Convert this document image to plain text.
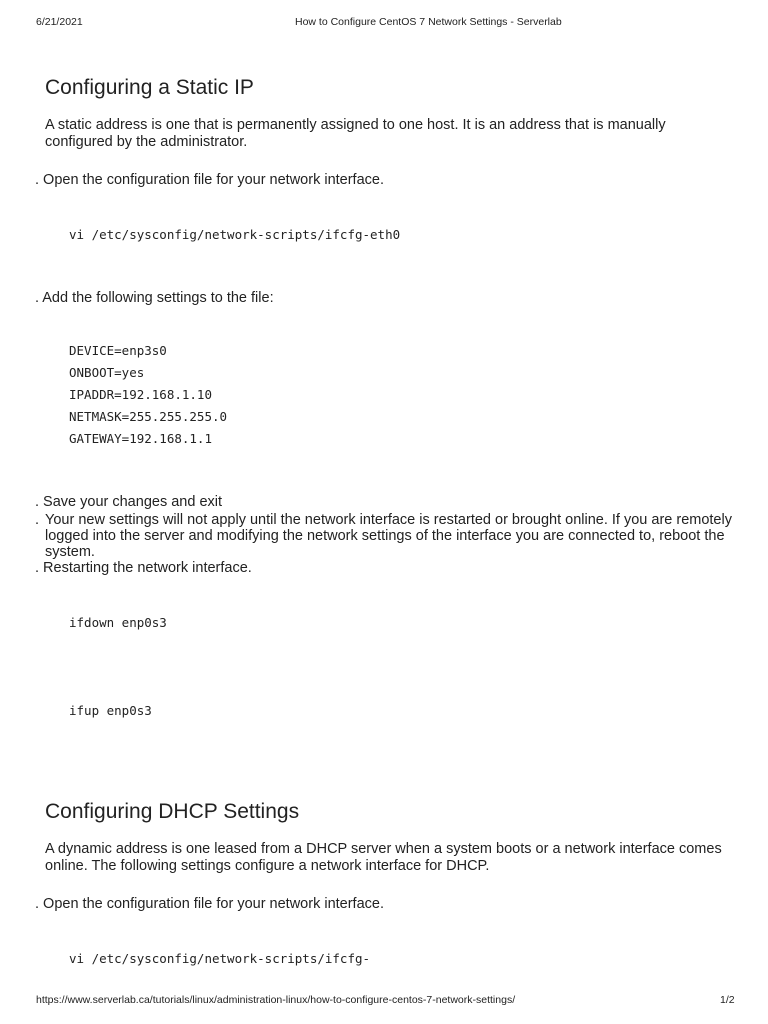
6/21/2021	How to Configure CentOS 7 Network Settings - Serverlab
Configuring a Static IP
A static address is one that is permanently assigned to one host. It is an address that is manually configured by the administrator.
. Open the configuration file for your network interface.
vi /etc/sysconfig/network-scripts/ifcfg-eth0
. Add the following settings to the file:
DEVICE=enp3s0
ONBOOT=yes
IPADDR=192.168.1.10
NETMASK=255.255.255.0
GATEWAY=192.168.1.1
. Save your changes and exit
. Your new settings will not apply until the network interface is restarted or brought online. If you are remotely logged into the server and modifying the network settings of the interface you are connected to, reboot the system.
. Restarting the network interface.
ifdown enp0s3
ifup enp0s3
Configuring DHCP Settings
A dynamic address is one leased from a DHCP server when a system boots or a network interface comes online. The following settings configure a network interface for DHCP.
. Open the configuration file for your network interface.
vi /etc/sysconfig/network-scripts/ifcfg-
https://www.serverlab.ca/tutorials/linux/administration-linux/how-to-configure-centos-7-network-settings/	1/2
